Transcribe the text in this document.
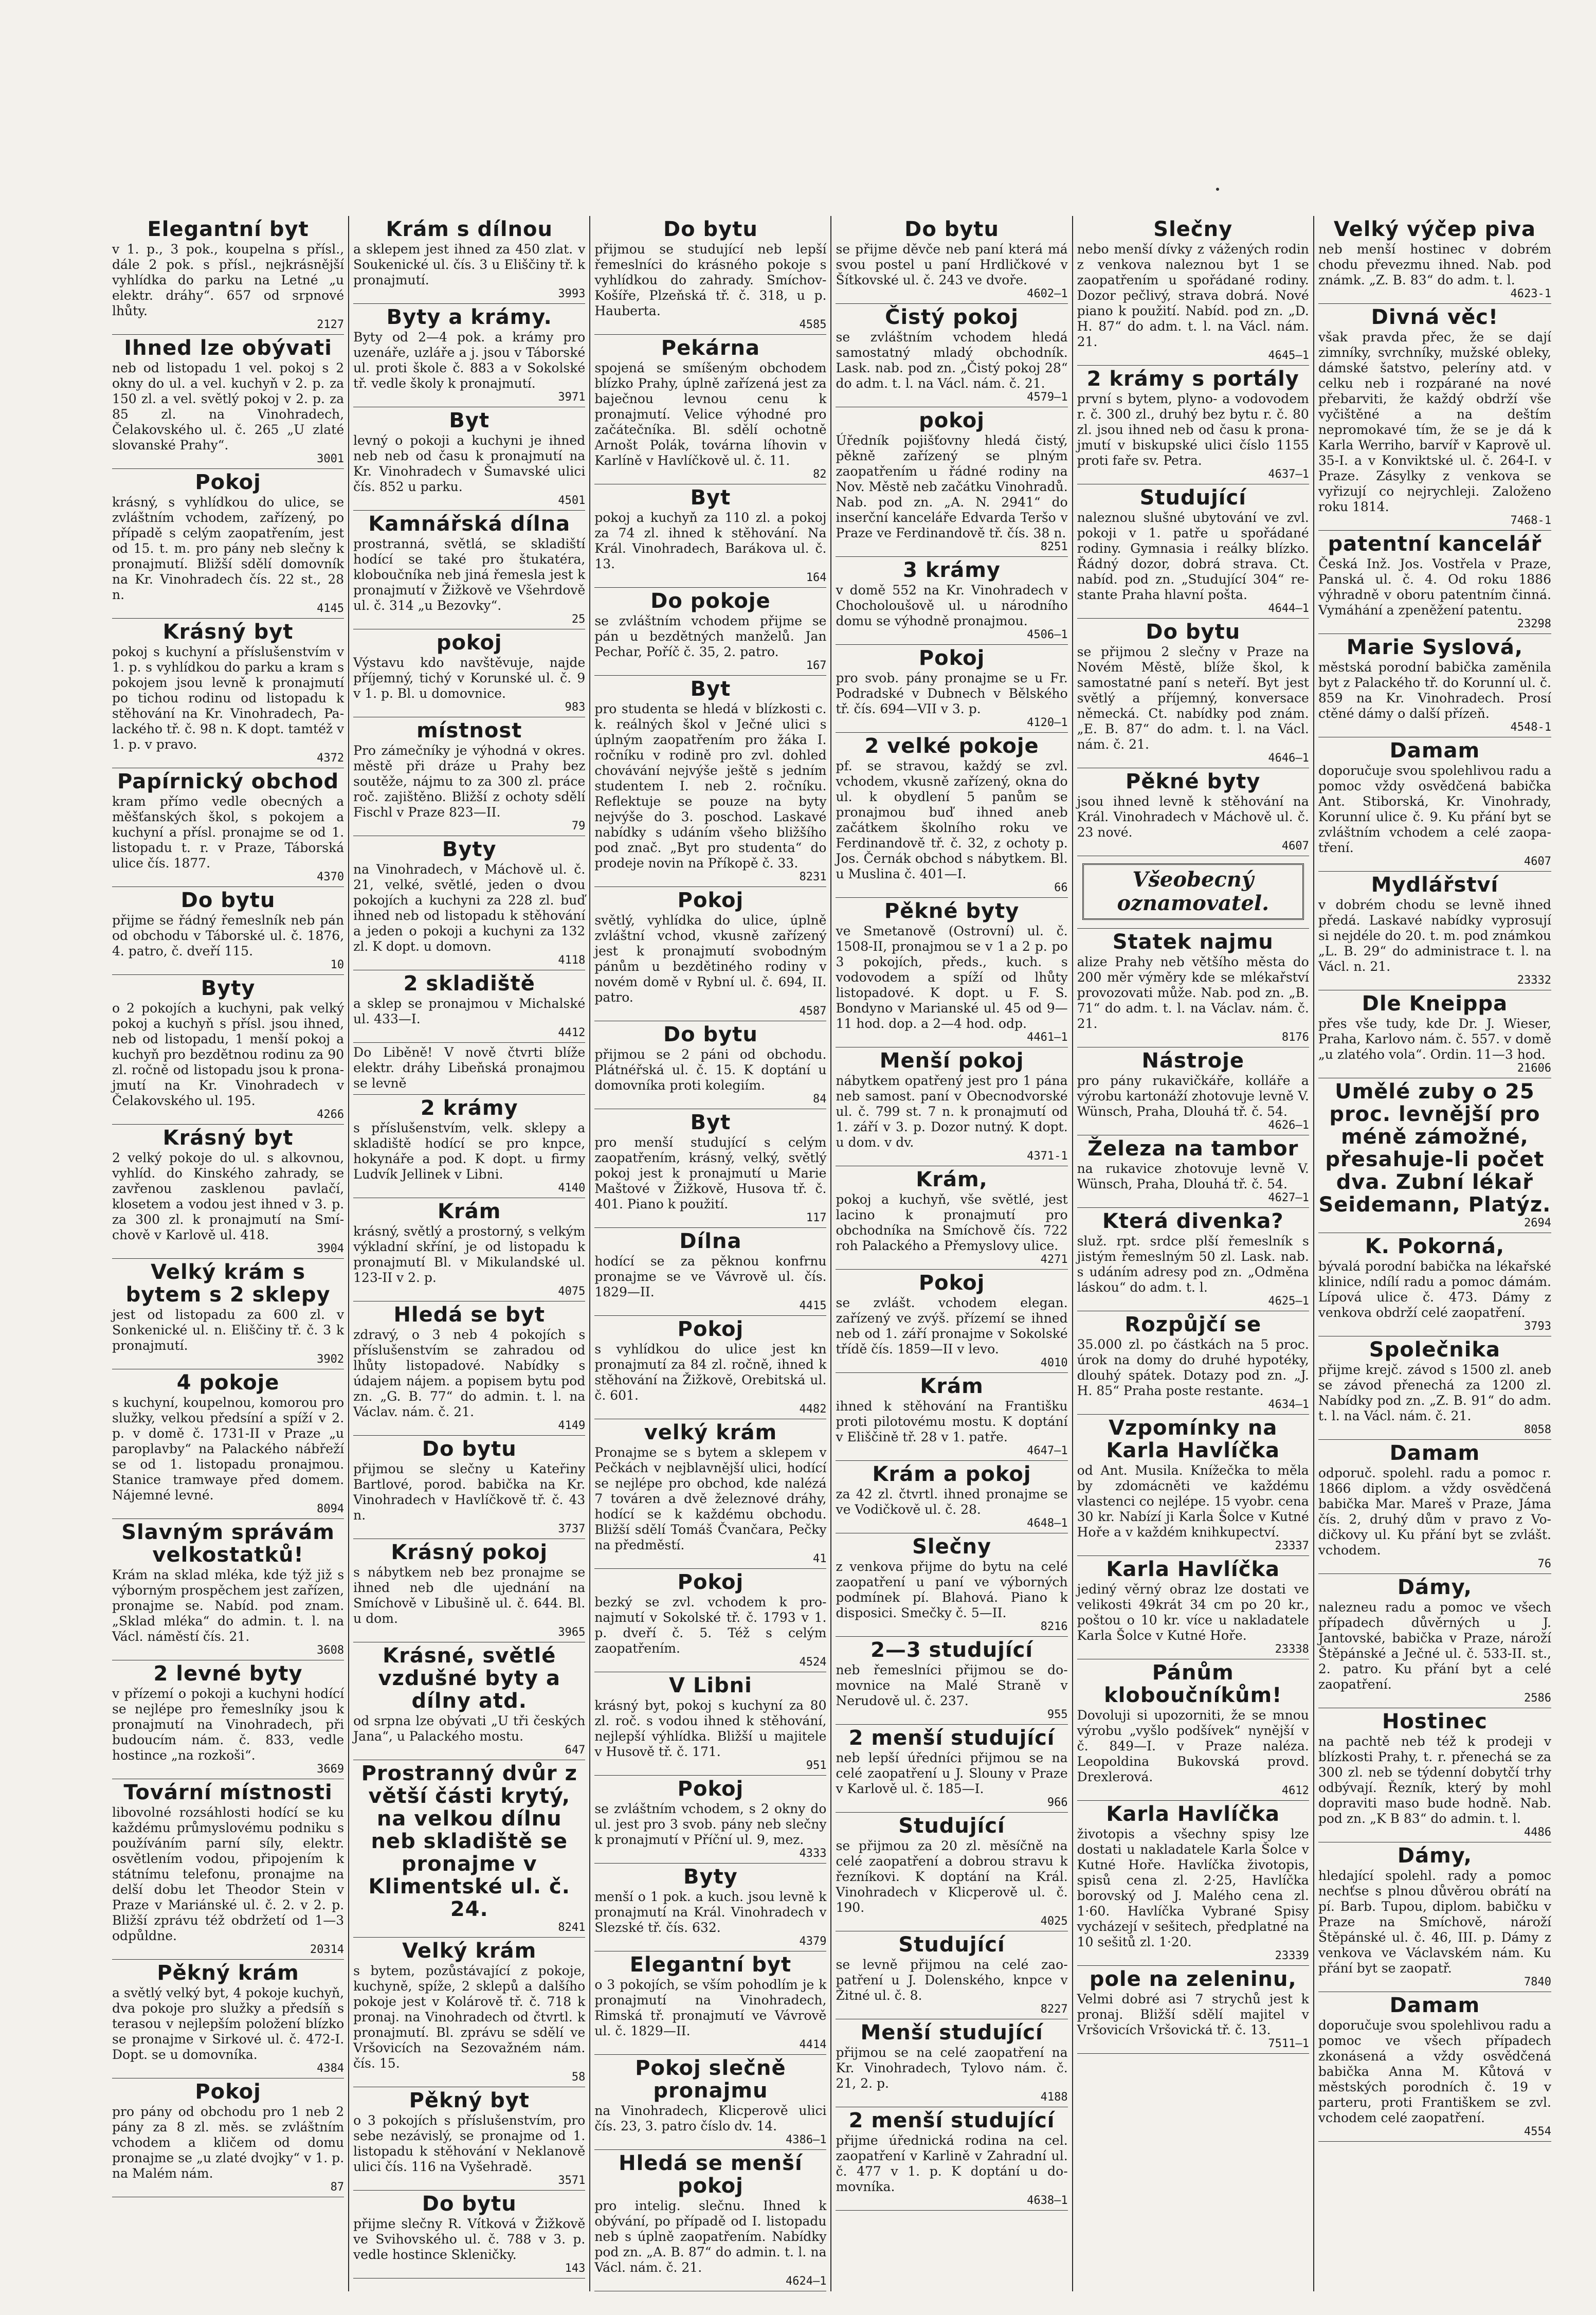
Elegantní byt

v 1. p., 3 pok., koupelna s přísl., dále 2 pok. s přísl., nejkrásnější vyhlídka do parku na Letné „u elektr. dráhy“. 657 od srpnové lhůty.

2127
Ihned lze obývati

neb od listopadu 1 vel. pokoj s 2 okny do ul. a vel. kuchyň v 2. p. za 150 zl. a vel. světlý pokoj v 2. p. za 85 zl. na Vinohradech, Čelakovského ul. č. 265 „U zlaté slovanské Prahy“.

3001
Pokoj

krásný, s vyhlídkou do ulice, se zvláštním vchodem, zařízený, po případě s celým zaopatřením, jest od 15. t. m. pro pány neb slečny k pronajmutí. Bližší sdělí domovník na Kr. Vinohradech čís. 22 st., 28 n.

4145
Krásný byt

pokoj s kuchyní a příslušenstvím v 1. p. s vyhlídkou do parku a kram s pokojem jsou levně k pronajmutí po tichou rodinu od listopadu k stěhování na Kr. Vinohradech, Palackého tř. č. 98 n. K dopt. tamtéž v 1. p. v pravo.

4372
Papírnický obchod

kram přímo vedle obecných a měšťanských škol, s pokojem a kuchyní a přísl. pronajme se od 1. listopadu t. r. v Praze, Táborská ulice čís. 1877.

4370
Do bytu

přijme se řádný řemeslník neb pán od obchodu v Táborské ul. č. 1876, 4. patro, č. dveří 115.

10
Byty

o 2 pokojích a kuchyni, pak velký pokoj a kuchyň s přísl. jsou ihned, neb od listopadu, 1 menší pokoj a kuchyň pro bezdětnou rodinu za 90 zl. ročně od listopadu jsou k pronajmutí na Kr. Vinohradech v Čelakovského ul. 195.

4266
Krásný byt

2 velký pokoje do ul. s alkovnou, vyhlíd. do Kinského zahrady, se zavřenou zasklenou pavlačí, klosetem a vodou jest ihned v 3. p. za 300 zl. k pronajmutí na Smíchově v Karlově ul. 418.

3904
Velký krám s bytem s 2 sklepy

jest od listopadu za 600 zl. v Sonkenické ul. n. Eliščiny tř. č. 3 k pronajmutí.

3902
4 pokoje

s kuchyní, koupelnou, komorou pro služky, velkou předsíní a spíží v 2. p. v domě č. 1731-II v Praze „u paroplavby“ na Palackého nábřeží se od 1. listopadu pronajmou. Stanice tramwaye před domem. Nájemné levné.

8094
Slavným správám velkostatků!

Krám na sklad mléka, kde týž již s výborným prospěchem jest zařízen, pronajme se. Nabíd. pod znam. „Sklad mléka“ do admin. t. l. na Václ. náměstí čís. 21.

3608
2 levné byty

v přízemí o pokoji a kuchyni hodící se nejlépe pro řemeslníky jsou k pronajmutí na Vinohradech, při budoucím nám. č. 833, vedle hostince „na rozkoši“.

3669
Tovární místnosti

libovolné rozsáhlosti hodící se ku každému průmyslovému podniku s používáním parní síly, elektr. osvětlením vodou, připojením k státnímu telefonu, pronajme na delší dobu let Theodor Stein v Praze v Mariánské ul. č. 2. v 2. p. Bližší zprávu též obdržetí od 1—3 odpůldne.

20314
Pěkný krám

a světlý velký byt, 4 pokoje kuchyň, dva pokoje pro služky a předsíň s terasou v nejlepším položení blízko se pronajme v Sirkové ul. č. 472-I. Dopt. se u domovníka.

4384
Pokoj

pro pány od obchodu pro 1 neb 2 pány za 8 zl. měs. se zvláštním vchodem a kličem od domu pronajme se „u zlaté dvojky“ v 1. p. na Malém nám.

87
Krám s dílnou

a sklepem jest ihned za 450 zlat. v Soukenické ul. čís. 3 u Eliščiny tř. k pronajmutí.

3993
Byty a krámy.

Byty od 2—4 pok. a krámy pro uzenáře, uzláře a j. jsou v Táborské ul. proti škole č. 883 a v Sokolské tř. vedle školy k pronajmutí.

3971
Byt

levný o pokoji a kuchyni je ihned neb neb od času k pronajmutí na Kr. Vinohradech v Šumavské ulici čís. 852 u parku.

4501
Kamnářská dílna

prostranná, světlá, se skladiští hodící se také pro štukatéra, kloboučníka neb jiná řemesla jest k pronajmutí v Žižkově ve Všehrdově ul. č. 314 „u Bezovky“.

25
pokoj

Výstavu kdo navštěvuje, najde příjemný, tichý v Korunské ul. č. 9 v 1. p. Bl. u domovnice.

983
místnost

Pro zámečníky je výhodná v okres. městě při dráze u Prahy bez soutěže, nájmu to za 300 zl. práce roč. zajištěno. Bližší z ochoty sdělí Fischl v Praze 823—II.

79
Byty

na Vinohradech, v Máchově ul. č. 21, velké, světlé, jeden o dvou pokojích a kuchyni za 228 zl. buď ihned neb od listopadu k stěhování a jeden o pokoji a kuchyni za 132 zl. K dopt. u domovn.

4118
2 skladiště

a sklep se pronajmou v Michalské ul. 433—I.

4412

Do Liběně! V nově čtvrti blíže elektr. dráhy Libeňská pronajmou se levně

2 krámy

s příslušenstvím, velk. sklepy a skladiště hodící se pro knpce, hokynáře a pod. K dopt. u firmy Ludvík Jellinek v Libni.

4140
Krám

krásný, světlý a prostorný, s velkým výkladní skříní, je od listopadu k pronajmutí Bl. v Mikulandské ul. 123-II v 2. p.

4075
Hledá se byt

zdravý, o 3 neb 4 pokojích s příslušenstvím se zahradou od lhůty listopadové. Nabídky s údajem nájem. a popisem bytu pod zn. „G. B. 77“ do admin. t. l. na Václav. nám. č. 21.

4149
Do bytu

přijmou se slečny u Kateřiny Bartlové, porod. babička na Kr. Vinohradech v Havlíčkově tř. č. 43 n.

3737
Krásný pokoj

s nábytkem neb bez pronajme se ihned neb dle ujednání na Smíchově v Libušině ul. č. 644. Bl. u dom.

3965
Krásné, světlé vzdušné byty a dílny atd.

od srpna lze obývati „U tři českých Jana“, u Palackého mostu.

647
Prostranný dvůr z větší části krytý, na velkou dílnu neb skladiště se pronajme v Klimentské ul. č. 24.
8241
Velký krám

s bytem, pozůstávající z pokoje, kuchyně, spíže, 2 sklepů a dalšího pokoje jest v Kolárově tř. č. 718 k pronaj. na Vinohradech od čtvrtl. k pronajmutí. Bl. zprávu se sdělí ve Vršovicích na Sezovažném nám. čís. 15.

58
Pěkný byt

o 3 pokojích s příslušenstvím, pro sebe nezávislý, se pronajme od 1. listopadu k stěhování v Neklanově ulici čís. 116 na Vyšehradě.

3571
Do bytu

přijme slečny R. Vítková v Žižkově ve Svihovského ul. č. 788 v 3. p. vedle hostince Skleničky.

143
Do bytu

přijmou se studující neb lepší řemeslníci do krásného pokoje s vyhlídkou do zahrady. Smíchov-Košíře, Plzeňská tř. č. 318, u p. Hauberta.

4585
Pekárna

spojená se smíšeným obchodem blízko Prahy, úplně zařízená jest za baječnou levnou cenu k pronajmutí. Velice výhodné pro začátečníka. Bl. sdělí ochotně Arnošt Polák, továrna líhovin v Karlíně v Havlíčkově ul. č. 11.

82
Byt

pokoj a kuchyň za 110 zl. a pokoj za 74 zl. ihned k stěhování. Na Král. Vinohradech, Barákova ul. č. 13.

164
Do pokoje

se zvláštním vchodem přijme se pán u bezdětných manželů. Jan Pechar, Poříč č. 35, 2. patro.

167
Byt

pro studenta se hledá v blízkosti c. k. reálných škol v Ječné ulici s úplným zaopatřením pro žáka I. ročníku v rodině pro zvl. dohled chovávání nejvýše ještě s jedním studentem I. neb 2. ročníku. Reflektuje se pouze na byty nejvýše do 3. poschod. Laskavé nabídky s udáním všeho bližšího pod znač. „Byt pro studenta“ do prodeje novin na Příkopě č. 33.

8231
Pokoj

světlý, vyhlídka do ulice, úplně zvláštní vchod, vkusně zařízený jest k pronajmutí svobodným pánům u bezdětiného rodiny v novém domě v Rybní ul. č. 694, II. patro.

4587
Do bytu

přijmou se 2 páni od obchodu. Plátnéřská ul. č. 15. K doptání u domovníka proti kolegiím.

84
Byt

pro menší studující s celým zaopatřením, krásný, velký, světlý pokoj jest k pronajmutí u Marie Maštové v Žižkově, Husova tř. č. 401. Piano k použití.

117
Dílna

hodící se za pěknou konfrnu pronajme se ve Vávrově ul. čís. 1829—II.

4415
Pokoj

s vyhlídkou do ulice jest kn pronajmutí za 84 zl. ročně, ihned k stěhování na Žižkově, Orebitská ul. č. 601.

4482
velký krám

Pronajme se s bytem a sklepem v Pečkách v nejblavnější ulici, hodící se nejlépe pro obchod, kde nalézá 7 továren a dvě železnové dráhy, hodící se k každému obchodu. Bližší sdělí Tomáš Čvančara, Pečky na předměstí.

41
Pokoj

bezký se zvl. vchodem k pronajmutí v Sokolské tř. č. 1793 v 1. p. dveří č. 5. Též s celým zaopatřením.

4524
V Libni

krásný byt, pokoj s kuchyní za 80 zl. roč. s vodou ihned k stěhování, nejlepší výhlídka. Bližší u majitele v Husově tř. č. 171.

951
Pokoj

se zvláštním vchodem, s 2 okny do ul. jest pro 3 svob. pány neb slečny k pronajmutí v Příční ul. 9, mez.

4333
Byty

menší o 1 pok. a kuch. jsou levně k pronajmutí na Král. Vinohradech v Slezské tř. čís. 632.

4379
Elegantní byt

o 3 pokojích, se vším pohodlím je k pronajmutí na Vinohradech, Rimská tř. pronajmutí ve Vávrově ul. č. 1829—II.

4414
Pokoj slečně pronajmu

na Vinohradech, Klicperově ulici čís. 23, 3. patro číslo dv. 14.

4386—1
Hledá se menší pokoj

pro intelig. slečnu. Ihned k obývání, po případě od I. listopadu neb s úplně zaopatřením. Nabídky pod zn. „A. B. 87“ do admin. t. l. na Václ. nám. č. 21.

4624—1
Do bytu

se přijme děvče neb paní která má svou postel u paní Hrdličkové v Šítkovské ul. č. 243 ve dvoře.

4602—1
Čistý pokoj

se zvláštním vchodem hledá samostatný mladý obchodník. Lask. nab. pod zn. „Čistý pokoj 28“ do adm. t. l. na Václ. nám. č. 21.

4579—1
pokoj

Úředník pojišťovny hledá čistý, pěkně zařízený se plným zaopatřením u řádné rodiny na Nov. Městě neb začátku Vinohradů. Nab. pod zn. „A. N. 2941“ do inserční kanceláře Edvarda Teršo v Praze ve Ferdinandově tř. čís. 38 n.

8251
3 krámy

v domě 552 na Kr. Vinohradech v Chocholoušově ul. u národního domu se výhodně pronajmou.

4506—1
Pokoj

pro svob. pány pronajme se u Fr. Podradské v Dubnech v Bělského tř. čís. 694—VII v 3. p.

4120—1
2 velké pokoje

pf. se stravou, každý se zvl. vchodem, vkusně zařízený, okna do ul. k obydlení 5 panům se pronajmou buď ihned aneb začátkem školního roku ve Ferdinandově tř. č. 32, z ochoty p. Jos. Černák obchod s nábytkem. Bl. u Muslina č. 401—I.

66
Pěkné byty

ve Smetanově (Ostrovní) ul. č. 1508-II, pronajmou se v 1 a 2 p. po 3 pokojích, předs., kuch. s vodovodem a spíží od lhůty listopadové. K dopt. u F. S. Bondyno v Marianské ul. 45 od 9—11 hod. dop. a 2—4 hod. odp.

4461—1
Menší pokoj

nábytkem opatřený jest pro 1 pána neb samost. paní v Obecnodvorské ul. č. 799 st. 7 n. k pronajmutí od 1. září v 3. p. Dozor nutný. K dopt. u dom. v dv.

4371-1
Krám,

pokoj a kuchyň, vše světlé, jest lacino k pronajmutí pro obchodníka na Smíchově čís. 722 roh Palackého a Přemyslovy ulice.

4271
Pokoj

se zvlášt. vchodem elegan. zařízený ve zvýš. přízemí se ihned neb od 1. září pronajme v Sokolské třídě čís. 1859—II v levo.

4010
Krám

ihned k stěhování na Františku proti pilotovému mostu. K doptání v Eliščině tř. 28 v 1. patře.

4647—1
Krám a pokoj

za 42 zl. čtvrtl. ihned pronajme se ve Vodičkově ul. č. 28.

4648—1
Slečny

z venkova přijme do bytu na celé zaopatření u paní ve výborných podmínek pí. Blahová. Piano k disposici. Smečky č. 5—II.

8216
2—3 studující

neb řemeslníci přijmou se domovnice na Malé Straně v Nerudově ul. č. 237.

955
2 menší studující

neb lepší úředníci přijmou se na celé zaopatření u J. Slouny v Praze v Karlově ul. č. 185—I.

966
Studující

se přijmou za 20 zl. měsíčně na celé zaopatření a dobrou stravu k řezníkovi. K doptání na Král. Vinohradech v Klicperově ul. č. 190.

4025
Studující

se levně přijmou na celé zaopatření u J. Dolenského, knpce v Žitné ul. č. 8.

8227
Menší studující

přijmou se na celé zaopatření na Kr. Vinohradech, Tylovo nám. č. 21, 2. p.

4188
2 menší studující

přijme úřednická rodina na cel. zaopatření v Karlině v Zahradní ul. č. 477 v 1. p. K doptání u domovníka.

4638—1
Slečny

nebo menší dívky z vážených rodin z venkova naleznou byt 1 se zaopatřením u spořádané rodiny. Dozor pečlivý, strava dobrá. Nové piano k použití. Nabíd. pod zn. „D. H. 87“ do adm. t. l. na Václ. nám. 21.

4645—1
2 krámy s portály

první s bytem, plyno- a vodovodem r. č. 300 zl., druhý bez bytu r. č. 80 zl. jsou ihned neb od času k pronajmutí v biskupské ulici číslo 1155 proti faře sv. Petra.

4637—1
Studující

naleznou slušné ubytování ve zvl. pokoji v 1. patře u spořádané rodiny. Gymnasia i reálky blízko. Řádný dozor, dobrá strava. Ct. nabíd. pod zn. „Studující 304“ restante Praha hlavní pošta.

4644—1
Do bytu

se přijmou 2 slečny v Praze na Novém Městě, blíže škol, k samostatné paní s neteří. Byt jest světlý a příjemný, konversace německá. Ct. nabídky pod znám. „E. B. 87“ do adm. t. l. na Václ. nám. č. 21.

4646—1
Pěkné byty

jsou ihned levně k stěhování na Král. Vinohradech v Máchově ul. č. 23 nové.

4607
Všeobecný
oznamovatel.
Statek najmu

alize Prahy neb většího města do 200 měr výměry kde se mlékařství provozovati může. Nab. pod zn. „B. 71“ do adm. t. l. na Václav. nám. č. 21.

8176
Nástroje

pro pány rukavičkáře, kolláře a výrobu kartonáží zhotovuje levně V. Wünsch, Praha, Dlouhá tř. č. 54.

4626—1
Železa na tambor

na rukavice zhotovuje levně V. Wünsch, Praha, Dlouhá tř. č. 54.

4627—1
Která divenka?

služ. rpt. srdce plší řemeslník s jistým řemeslným 50 zl. Lask. nab. s udáním adresy pod zn. „Odměna láskou“ do adm. t. l.

4625—1
Rozpůjčí se

35.000 zl. po částkách na 5 proc. úrok na domy do druhé hypotéky, dlouhý spátek. Dotazy pod zn. „J. H. 85“ Praha poste restante.

4634—1
Vzpomínky na Karla Havlíčka

od Ant. Musila. Knížečka to měla by zdomácněti ve každému vlastenci co nejlépe. 15 vyobr. cena 30 kr. Nabízí ji Karla Šolce v Kutné Hoře a v každém knihkupectví.

23337
Karla Havlíčka

jediný věrný obraz lze dostati ve velikosti 49krát 34 cm po 20 kr., poštou o 10 kr. více u nakladatele Karla Šolce v Kutné Hoře.

23338
Pánům kloboučníkům!

Dovoluji si upozorniti, že se mnou výrobu „vyšlo podšívek“ nynější v č. 849—I. v Praze naléza. Leopoldina Bukovská provd. Drexlerová.

4612
Karla Havlíčka

životopis a všechny spisy lze dostati u nakladatele Karla Šolce v Kutné Hoře. Havlíčka životopis, spisů cena zl. 2·25, Havlíčka borovský od J. Malého cena zl. 1·60. Havlíčka Vybrané Spisy vycházejí v sešitech, předplatné na 10 sešitů zl. 1·20.

23339
pole na zeleninu,

Velmi dobré asi 7 strychů jest k pronaj. Bližší sdělí majitel v Vršovicích Vršovická tř. č. 13.

7511—1
Velký výčep piva

neb menší hostinec v dobrém chodu převezmu ihned. Nab. pod známk. „Z. B. 83“ do adm. t. l.

4623-1
Divná věc!

však pravda přec, že se dají zimníky, svrchníky, mužské obleky, dámské šatstvo, peleríny atd. v celku neb i rozpárané na nové přebarviti, že každý obdrží vše vyčištěné a na deštím nepromokavé tím, že se je dá k Karla Werriho, barvíř v Kaprově ul. 35-I. a v Konviktské ul. č. 264-I. v Praze. Zásylky z venkova se vyřizují co nejrychleji. Založeno roku 1814.

7468-1
patentní kancelář

Česká Inž. Jos. Vostřela v Praze, Panská ul. č. 4. Od roku 1886 výhradně v oboru patentním činná. Vymáhání a zpeněžení patentu.

23298
Marie Syslová,

městská porodní babička zaměnila byt z Palackého tř. do Korunní ul. č. 859 na Kr. Vinohradech. Prosí ctěné dámy o další přízeň.

4548-1
Damam

doporučuje svou spolehlivou radu a pomoc vždy osvědčená babička Ant. Stiborská, Kr. Vinohrady, Korunní ulice č. 9. Ku přání byt se zvláštním vchodem a celé zaopatření.

4607
Mydlářství

v dobrém chodu se levně ihned předá. Laskavé nabídky vyprosují si nejdéle do 20. t. m. pod známkou „L. B. 29“ do administrace t. l. na Václ. n. 21.

23332
Dle Kneippa

přes vše tudy, kde Dr. J. Wieser, Praha, Karlovo nám. č. 557. v domě „u zlatého vola“. Ordin. 11—3 hod.

21606
Umělé zuby o 25 proc. levnější pro méně zámožné, přesahuje-li počet dva. Zubní lékař Seidemann, Platýz.
2694
K. Pokorná,

bývalá porodní babička na lékařské klinice, ndílí radu a pomoc dámám. Lípová ulice č. 473. Dámy z venkova obdrží celé zaopatření.

3793
Společnika

přijme krejč. závod s 1500 zl. aneb se závod přenechá za 1200 zl. Nabídky pod zn. „Z. B. 91“ do adm. t. l. na Václ. nám. č. 21.

8058
Damam

odporuč. spolehl. radu a pomoc r. 1866 diplom. a vždy osvědčená babička Mar. Mareš v Praze, Jáma čís. 2, druhý dům v pravo z Vodičkovy ul. Ku přání byt se zvlášt. vchodem.

76
Dámy,

nalezneu radu a pomoc ve všech případech důvěrných u J. Jantovské, babička v Praze, nároží Štěpánské a Ječné ul. č. 533-II. st., 2. patro. Ku přání byt a celé zaopatření.

2586
Hostinec

na pachtě neb též k prodeji v blízkosti Prahy, t. r. přenechá se za 300 zl. neb se týdenní dobytčí trhy odbývají. Řezník, který by mohl dopraviti maso bude hodně. Nab. pod zn. „K B 83“ do admin. t. l.

4486
Dámy,

hledající spolehl. rady a pomoc nechťse s plnou důvěrou obrátí na pí. Barb. Tupou, diplom. babičku v Praze na Smíchově, nároží Štěpánské ul. č. 46, III. p. Dámy z venkova ve Václavském nám. Ku přání byt se zaopatř.

7840
Damam

doporučuje svou spolehlivou radu a pomoc ve všech případech zkonásená a vždy osvědčená babička Anna M. Kůtová v městských porodních č. 19 v parteru, proti Františkem se zvl. vchodem celé zaopatření.

4554
